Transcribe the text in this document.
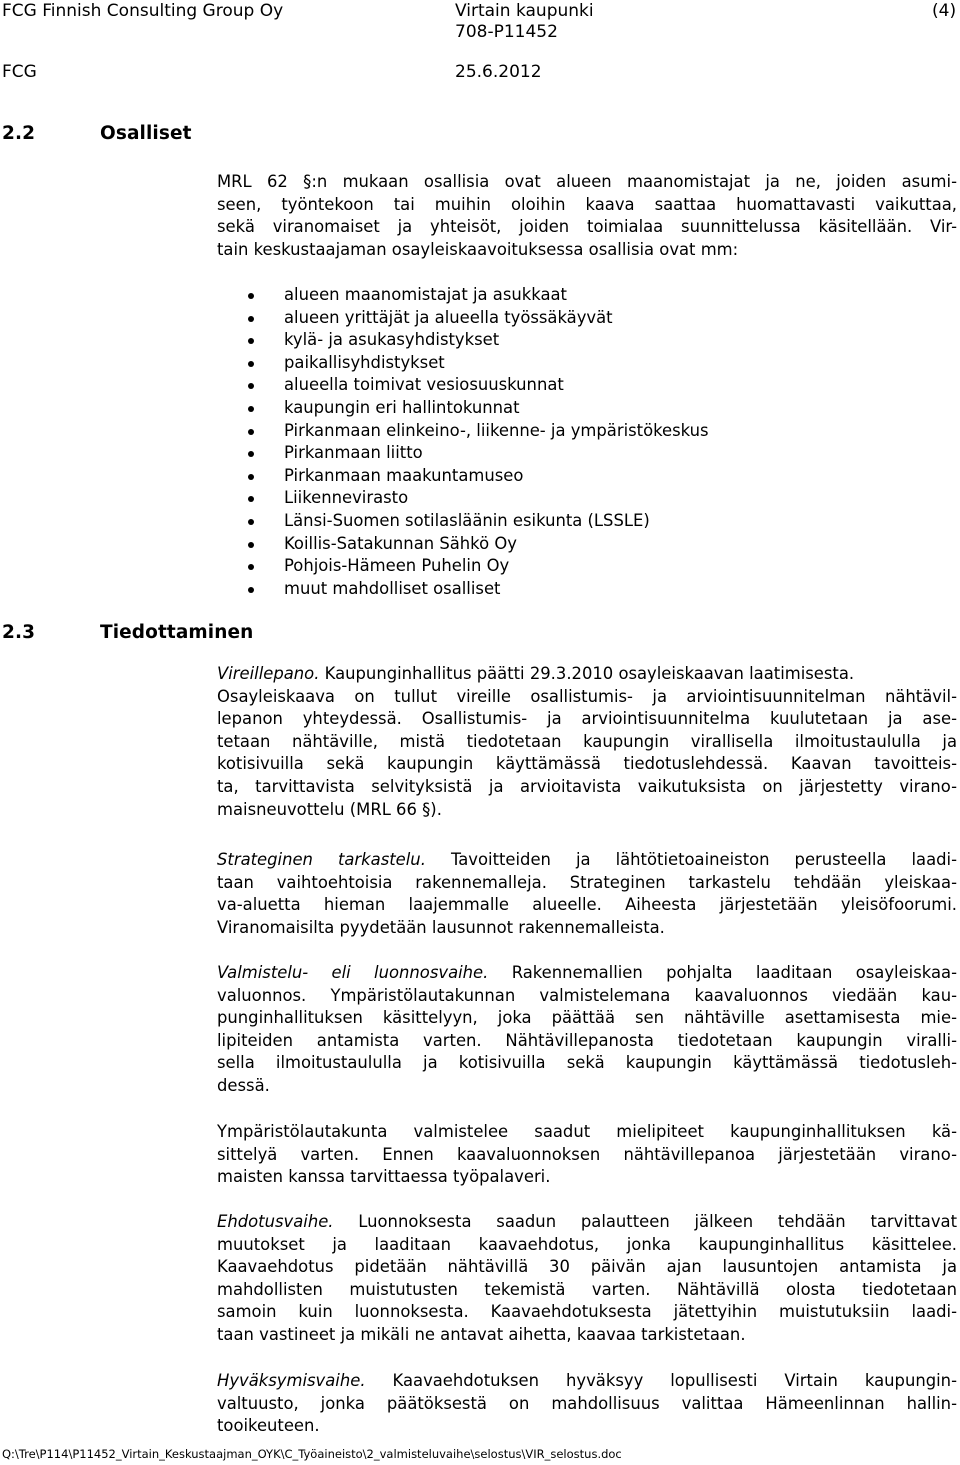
FCG Finnish Consulting Group Oy	Virtain kaupunki	(4)
708-P11452
FCG	25.6.2012
2.2	Osalliset
MRL 62 §:n mukaan osallisia ovat alueen maanomistajat ja ne, joiden asumi-
seen, työntekoon tai muihin oloihin kaava saattaa huomattavasti vaikuttaa,
sekä viranomaiset ja yhteisöt, joiden toimialaa suunnittelussa käsitellään. Vir-
tain keskustaajaman osayleiskaavoituksessa osallisia ovat mm:
alueen maanomistajat ja asukkaat
alueen yrittäjät ja alueella työssäkäyvät
kylä- ja asukasyhdistykset
paikallisyhdistykset
alueella toimivat vesiosuuskunnat
kaupungin eri hallintokunnat
Pirkanmaan elinkeino-, liikenne- ja ympäristökeskus
Pirkanmaan liitto
Pirkanmaan maakuntamuseo
Liikennevirasto
Länsi-Suomen sotilasläänin esikunta (LSSLE)
Koillis-Satakunnan Sähkö Oy
Pohjois-Hämeen Puhelin Oy
muut mahdolliset osalliset
2.3	Tiedottaminen
Vireillepano. Kaupunginhallitus päätti 29.3.2010 osayleiskaavan laatimisesta.
Osayleiskaava on tullut vireille osallistumis- ja arviointisuunnitelman nähtävil-
lepanon yhteydessä. Osallistumis- ja arviointisuunnitelma kuulutetaan ja ase-
tetaan nähtäville, mistä tiedotetaan kaupungin virallisella ilmoitustaululla ja
kotisivuilla sekä kaupungin käyttämässä tiedotuslehdessä. Kaavan tavoitteis-
ta, tarvittavista selvityksistä ja arvioitavista vaikutuksista on järjestetty virano-
maisneuvottelu (MRL 66 §).
Strateginen tarkastelu. Tavoitteiden ja lähtötietoaineiston perusteella laadi-
taan vaihtoehtoisia rakennemalleja. Strateginen tarkastelu tehdään yleiskaa-
va-aluetta hieman laajemmalle alueelle. Aiheesta järjestetään yleisöfoorumi.
Viranomaisilta pyydetään lausunnot rakennemalleista.
Valmistelu- eli luonnosvaihe. Rakennemallien pohjalta laaditaan osayleiskaa-
valuonnos. Ympäristölautakunnan valmistelemana kaavaluonnos viedään kau-
punginhallituksen käsittelyyn, joka päättää sen nähtäville asettamisesta mie-
lipiteiden antamista varten. Nähtävillepanosta tiedotetaan kaupungin viralli-
sella ilmoitustaululla ja kotisivuilla sekä kaupungin käyttämässä tiedotusleh-
dessä.
Ympäristölautakunta valmistelee saadut mielipiteet kaupunginhallituksen kä-
sittelyä varten. Ennen kaavaluonnoksen nähtävillepanoa järjestetään virano-
maisten kanssa tarvittaessa työpalaveri.
Ehdotusvaihe. Luonnoksesta saadun palautteen jälkeen tehdään tarvittavat
muutokset ja laaditaan kaavaehdotus, jonka kaupunginhallitus käsittelee.
Kaavaehdotus pidetään nähtävillä 30 päivän ajan lausuntojen antamista ja
mahdollisten muistutusten tekemistä varten. Nähtävillä olosta tiedotetaan
samoin kuin luonnoksesta. Kaavaehdotuksesta jätettyihin muistutuksiin laadi-
taan vastineet ja mikäli ne antavat aihetta, kaavaa tarkistetaan.
Hyväksymisvaihe. Kaavaehdotuksen hyväksyy lopullisesti Virtain kaupungin-
valtuusto, jonka päätöksestä on mahdollisuus valittaa Hämeenlinnan hallin-
tooikeuteen.
Q:\Tre\P114\P11452_Virtain_Keskustaajman_OYK\C_Työaineisto\2_valmisteluvaihe\selostus\VIR_selostus.doc
